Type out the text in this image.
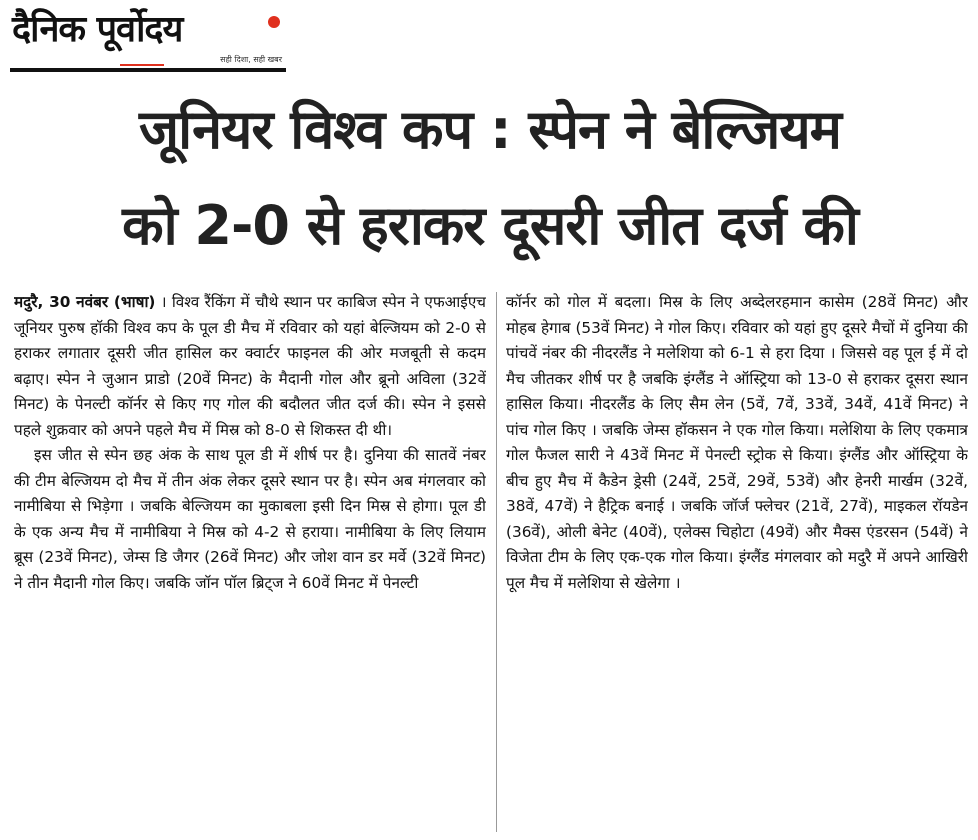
दैनिक पूर्वोदय
सही दिशा, सही खबर
जूनियर विश्व कप : स्पेन ने बेल्जियम
को 2-0 से हराकर दूसरी जीत दर्ज की

मदुरै, 30 नवंबर (भाषा) । विश्व रैंकिंग में चौथे स्थान पर काबिज स्पेन ने एफआईएच जूनियर पुरुष हॉकी विश्व कप के पूल डी मैच में रविवार को यहां बेल्जियम को 2-0 से हराकर लगातार दूसरी जीत हासिल कर क्वार्टर फाइनल की ओर मजबूती से कदम बढ़ाए। स्पेन ने जुआन प्राडो (20वें मिनट) के मैदानी गोल और ब्रूनो अविला (32वें मिनट) के पेनल्टी कॉर्नर से किए गए गोल की बदौलत जीत दर्ज की। स्पेन ने इससे पहले शुक्रवार को अपने पहले मैच में मिस्र को 8-0 से शिकस्त दी थी।

इस जीत से स्पेन छह अंक के साथ पूल डी में शीर्ष पर है। दुनिया की सातवें नंबर की टीम बेल्जियम दो मैच में तीन अंक लेकर दूसरे स्थान पर है। स्पेन अब मंगलवार को नामीबिया से भिड़ेगा । जबकि बेल्जियम का मुकाबला इसी दिन मिस्र से होगा। पूल डी के एक अन्य मैच में नामीबिया ने मिस्र को 4-2 से हराया। नामीबिया के लिए लियाम ब्रूस (23वें मिनट), जेम्स डि जैगर (26वें मिनट) और जोश वान डर मर्वे (32वें मिनट) ने तीन मैदानी गोल किए। जबकि जॉन पॉल ब्रिट्ज ने 60वें मिनट में पेनल्टी

कॉर्नर को गोल में बदला। मिस्र के लिए अब्देलरहमान कासेम (28वें मिनट) और मोहब हेगाब (53वें मिनट) ने गोल किए। रविवार को यहां हुए दूसरे मैचों में दुनिया की पांचवें नंबर की नीदरलैंड ने मलेशिया को 6-1 से हरा दिया । जिससे वह पूल ई में दो मैच जीतकर शीर्ष पर है जबकि इंग्लैंड ने ऑस्ट्रिया को 13-0 से हराकर दूसरा स्थान हासिल किया। नीदरलैंड के लिए सैम लेन (5वें, 7वें, 33वें, 34वें, 41वें मिनट) ने पांच गोल किए । जबकि जेम्स हॉकसन ने एक गोल किया। मलेशिया के लिए एकमात्र गोल फैजल सारी ने 43वें मिनट में पेनल्टी स्ट्रोक से किया। इंग्लैंड और ऑस्ट्रिया के बीच हुए मैच में कैडेन ड्रेसी (24वें, 25वें, 29वें, 53वें) और हेनरी मार्खम (32वें, 38वें, 47वें) ने हैट्रिक बनाई । जबकि जॉर्ज फ्लेचर (21वें, 27वें), माइकल रॉयडेन (36वें), ओली बेनेट (40वें), एलेक्स चिहोटा (49वें) और मैक्स एंडरसन (54वें) ने विजेता टीम के लिए एक-एक गोल किया। इंग्लैंड मंगलवार को मदुरै में अपने आखिरी पूल मैच में मलेशिया से खेलेगा ।
